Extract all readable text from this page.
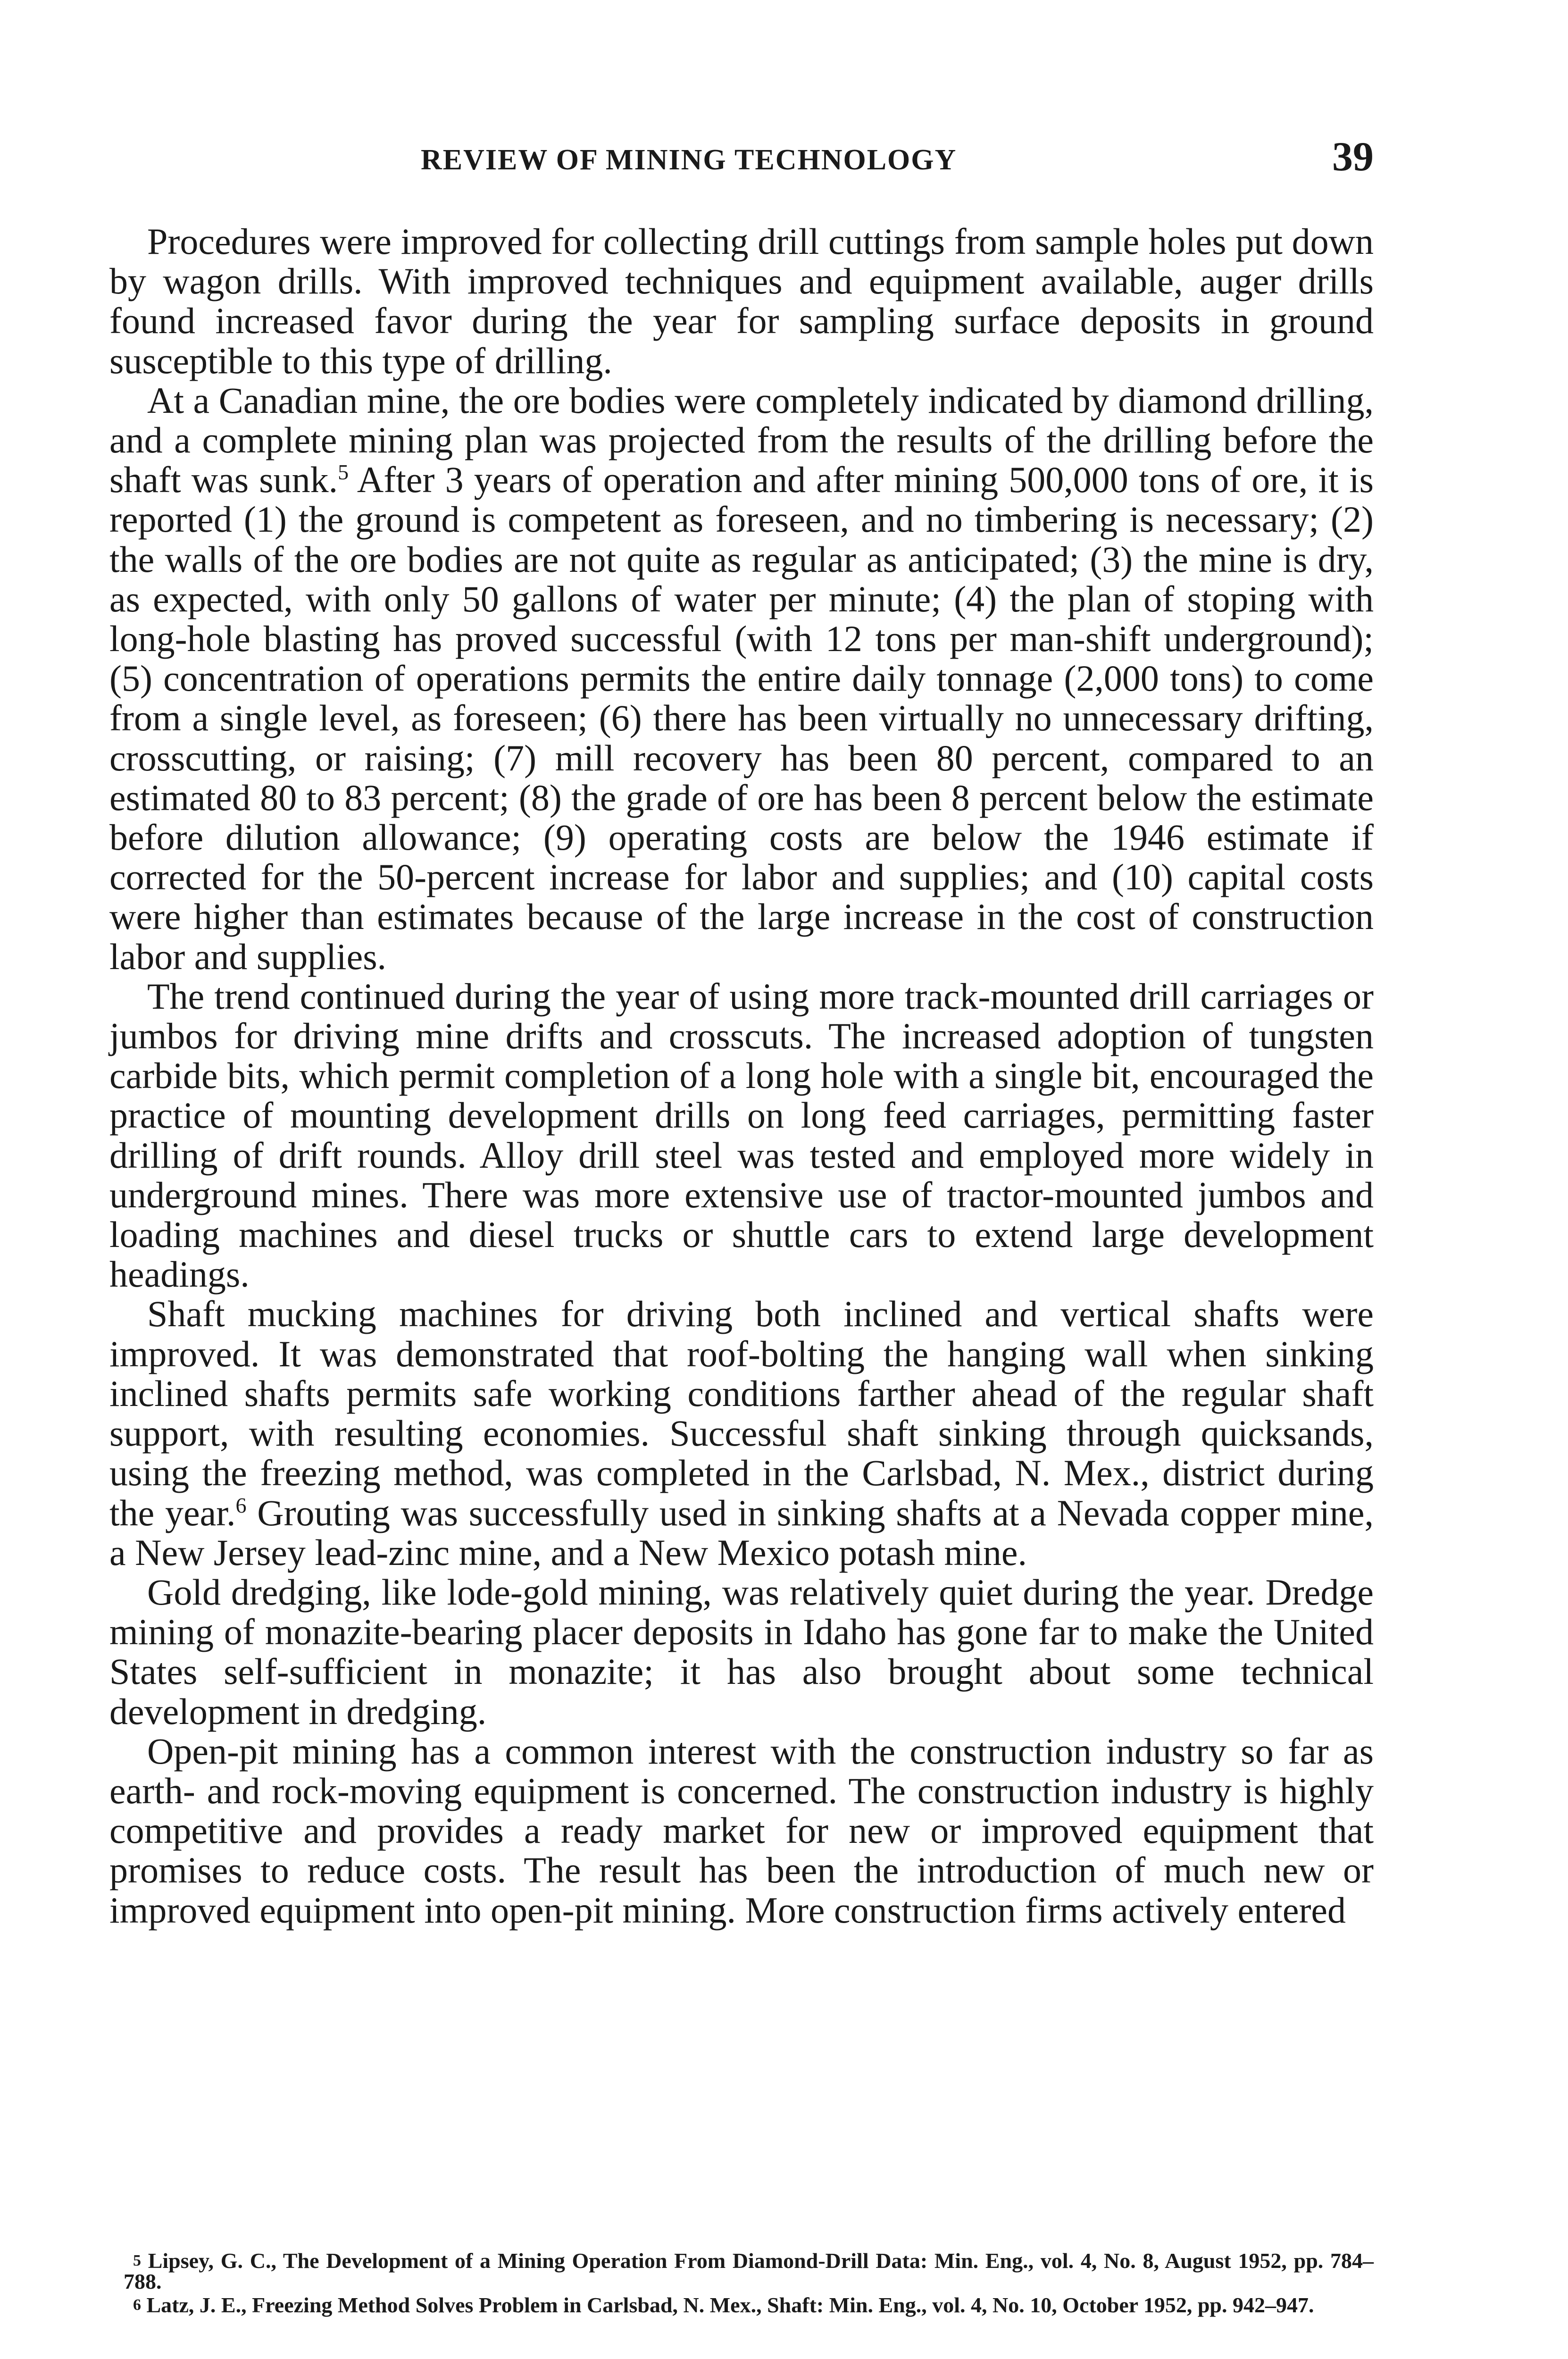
REVIEW OF MINING TECHNOLOGY	39

Procedures were improved for collecting drill cuttings from sample holes put down by wagon drills. With improved techniques and equipment available, auger drills found increased favor during the year for sampling surface deposits in ground susceptible to this type of drilling.

At a Canadian mine, the ore bodies were completely indicated by diamond drilling, and a complete mining plan was projected from the results of the drilling before the shaft was sunk.$^5$ After 3 years of operation and after mining 500,000 tons of ore, it is reported (1) the ground is competent as foreseen, and no timbering is necessary; (2) the walls of the ore bodies are not quite as regular as anticipated; (3) the mine is dry, as expected, with only 50 gallons of water per minute; (4) the plan of stoping with long-hole blasting has proved successful (with 12 tons per man-shift underground); (5) concentration of operations permits the entire daily tonnage (2,000 tons) to come from a single level, as foreseen; (6) there has been virtually no unnecessary drifting, crosscutting, or raising; (7) mill recovery has been 80 percent, compared to an estimated 80 to 83 percent; (8) the grade of ore has been 8 percent below the estimate before dilution allowance; (9) operating costs are below the 1946 estimate if corrected for the 50-percent increase for labor and supplies; and (10) capital costs were higher than estimates because of the large increase in the cost of construction labor and supplies.

The trend continued during the year of using more track-mounted drill carriages or jumbos for driving mine drifts and crosscuts. The increased adoption of tungsten carbide bits, which permit completion of a long hole with a single bit, encouraged the practice of mounting development drills on long feed carriages, permitting faster drilling of drift rounds. Alloy drill steel was tested and employed more widely in underground mines. There was more extensive use of tractor-mounted jumbos and loading machines and diesel trucks or shuttle cars to extend large development headings.

Shaft mucking machines for driving both inclined and vertical shafts were improved. It was demonstrated that roof-bolting the hanging wall when sinking inclined shafts permits safe working conditions farther ahead of the regular shaft support, with resulting economies. Successful shaft sinking through quicksands, using the freezing method, was completed in the Carlsbad, N. Mex., district during the year.$^6$ Grouting was successfully used in sinking shafts at a Nevada copper mine, a New Jersey lead-zinc mine, and a New Mexico potash mine.

Gold dredging, like lode-gold mining, was relatively quiet during the year. Dredge mining of monazite-bearing placer deposits in Idaho has gone far to make the United States self-sufficient in monazite; it has also brought about some technical development in dredging.

Open-pit mining has a common interest with the construction industry so far as earth- and rock-moving equipment is concerned. The construction industry is highly competitive and provides a ready market for new or improved equipment that promises to reduce costs. The result has been the introduction of much new or improved equipment into open-pit mining. More construction firms actively entered

$^5$ Lipsey, G. C., The Development of a Mining Operation From Diamond-Drill Data: Min. Eng., vol. 4, No. 8, August 1952, pp. 784–788.

$^6$ Latz, J. E., Freezing Method Solves Problem in Carlsbad, N. Mex., Shaft: Min. Eng., vol. 4, No. 10, October 1952, pp. 942–947.
